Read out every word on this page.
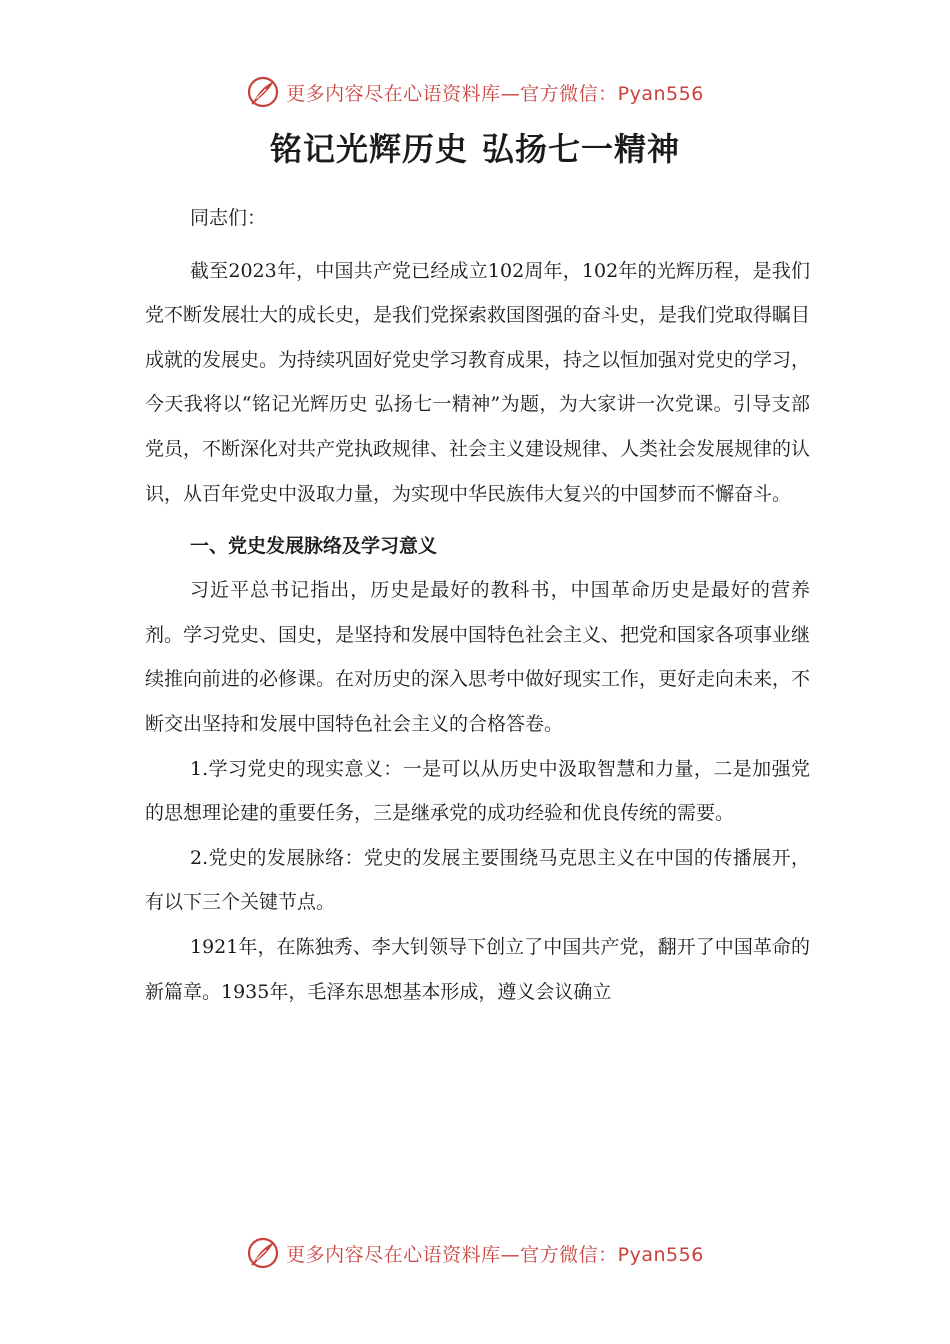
更多内容尽在心语资料库—官方微信：Pyan556
铭记光辉历史 弘扬七一精神

同志们：

截至2023年，中国共产党已经成立102周年，102年的光辉历程，是我们党不断发展壮大的成长史，是我们党探索救国图强的奋斗史，是我们党取得瞩目成就的发展史。为持续巩固好党史学习教育成果，持之以恒加强对党史的学习，今天我将以“铭记光辉历史 弘扬七一精神”为题，为大家讲一次党课。引导支部党员，不断深化对共产党执政规律、社会主义建设规律、人类社会发展规律的认识，从百年党史中汲取力量，为实现中华民族伟大复兴的中国梦而不懈奋斗。

一、党史发展脉络及学习意义

习近平总书记指出，历史是最好的教科书，中国革命历史是最好的营养剂。学习党史、国史，是坚持和发展中国特色社会主义、把党和国家各项事业继续推向前进的必修课。在对历史的深入思考中做好现实工作，更好走向未来，不断交出坚持和发展中国特色社会主义的合格答卷。

1.学习党史的现实意义：一是可以从历史中汲取智慧和力量，二是加强党的思想理论建的重要任务，三是继承党的成功经验和优良传统的需要。

2.党史的发展脉络：党史的发展主要围绕马克思主义在中国的传播展开，有以下三个关键节点。

1921年，在陈独秀、李大钊领导下创立了中国共产党，翻开了中国革命的新篇章。1935年，毛泽东思想基本形成，遵义会议确立

更多内容尽在心语资料库—官方微信：Pyan556
